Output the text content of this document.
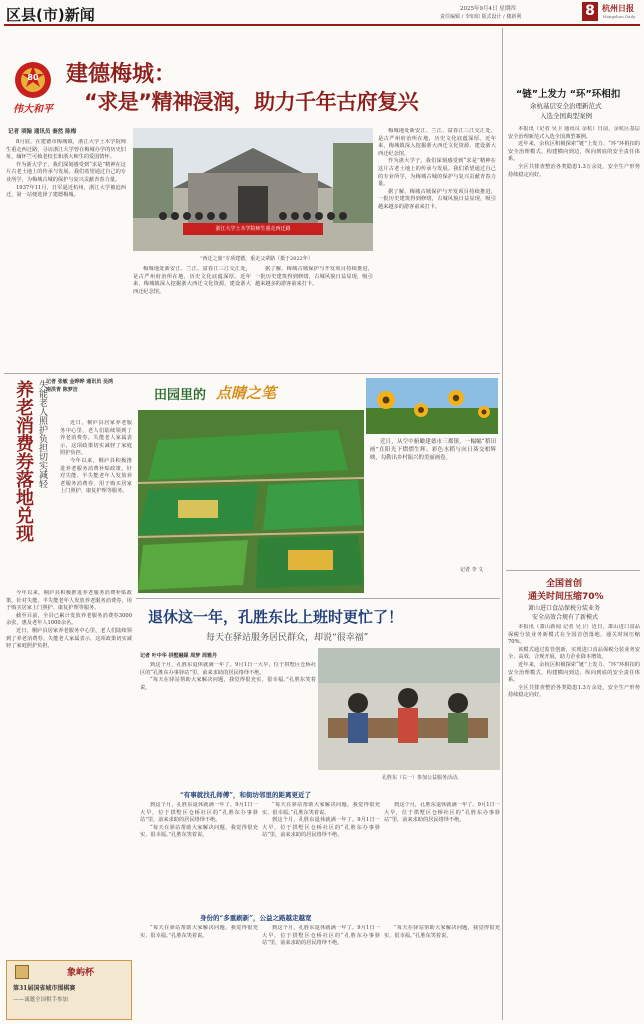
区县(市)新闻	2025年9月4日 星期四
责任编辑 / 李如如 版式设计 / 楼新利	8 杭州日报
Hangzhou Daily
80
伟大和平
建德梅城：
“求是”精神浸润，助力千年古府复兴
记者 项翰 通讯员 秦然 陈梅

8月底，在建德市梅城镇，浙江大学土木学院师生重走西迁路，寻访浙江大学曾在梅城办学的历史旧址，缅怀竺可桢老校长和浙大师生的爱国情怀。

作为浙大学子，我们深刻感受到“求是”精神在这片古老土地上的传承与发展。我们希望通过自己的专业所学，为梅城古城的保护与复兴贡献青春力量。

1937年11月，日军逼近杭州，浙江大学被迫西迁，第一站便选择了建德梅城。

浙江大学土木学院师生重走西迁路
“西迁之旅”专项建德，重走父辈路（摄于2022年）

梅城地处新安江、兰江、富春江三江交汇处，是古严州府治所在地，历史文化底蕴深厚。近年来，梅城镇深入挖掘浙大西迁文化资源，建设浙大西迁纪念馆。

据了解，梅城古城保护与开发项目持续推进，一批历史建筑得到修缮，古城风貌日益显现，吸引越来越多的游客前来打卡。

梅城地处新安江、兰江、富春江三江交汇处，是古严州府治所在地，历史文化底蕴深厚。近年来，梅城镇深入挖掘浙大西迁文化资源，建设浙大西迁纪念馆。

作为浙大学子，我们深刻感受到“求是”精神在这片古老土地上的传承与发展。我们希望通过自己的专业所学，为梅城古城的保护与复兴贡献青春力量。

据了解，梅城古城保护与开发项目持续推进，一批历史建筑得到修缮，古城风貌日益显现，吸引越来越多的游客前来打卡。

记者 张敏 金晔晔 通讯员 吴鸿 南洪青 陈梦洁
失能老人照护负担切实减轻
养老消费券落地兑现	近日，桐庐县居家养老服务中心里，老人们陆续领到了养老消费券。失能老人家属表示，这项政策切实减轻了家庭照护负担。

今年以来，桐庐县积极推进养老服务消费补贴政策，针对失能、半失能老年人发放养老服务消费券，用于购买居家上门照护、康复护理等服务。

今年以来，桐庐县积极推进养老服务消费补贴政策，针对失能、半失能老年人发放养老服务消费券，用于购买居家上门照护、康复护理等服务。

截至目前，全县已累计发放养老服务消费券3000余张，惠及老年人1000余名。

近日，桐庐县居家养老服务中心里，老人们陆续领到了养老消费券。失能老人家属表示，这项政策切实减轻了家庭照护负担。

田园里的 点睛之笔

近日，从空中俯瞰建德市三都镇，一幅幅“稻田画”在阳光下熠熠生辉。彩色水稻与向日葵交相辉映，勾勒出乡村振兴的美丽画卷。

记者 李 文
退休这一年，孔胜东比上班时更忙了！
每天在驿站服务居民群众，却说“很幸福”
记者 叶中华 拱墅融媒 周梦 周雅丹

到这个月，孔胜东退休就满一年了。9月1日一大早，位于拱墅区仓桥社区的“孔胜东办事驿站”里，前来求助的居民络绎不绝。

“每天在驿站帮助大家解决问题，我觉得很充实、很幸福。”孔胜东笑着说。

孔胜东（右一）参加公益服务活动。
“有事就找孔师傅”，和街坊邻里的距离更近了

到这个月，孔胜东退休就满一年了。9月1日一大早，位于拱墅区仓桥社区的“孔胜东办事驿站”里，前来求助的居民络绎不绝。

“每天在驿站帮助大家解决问题，我觉得很充实、很幸福。”孔胜东笑着说。

“每天在驿站帮助大家解决问题，我觉得很充实、很幸福。”孔胜东笑着说。

到这个月，孔胜东退休就满一年了。9月1日一大早，位于拱墅区仓桥社区的“孔胜东办事驿站”里，前来求助的居民络绎不绝。

到这个月，孔胜东退休就满一年了。9月1日一大早，位于拱墅区仓桥社区的“孔胜东办事驿站”里，前来求助的居民络绎不绝。

身份的“多重刷新”，公益之路越走越宽

“每天在驿站帮助大家解决问题，我觉得很充实、很幸福。”孔胜东笑着说。

到这个月，孔胜东退休就满一年了。9月1日一大早，位于拱墅区仓桥社区的“孔胜东办事驿站”里，前来求助的居民络绎不绝。

“每天在驿站帮助大家解决问题，我觉得很充实、很幸福。”孔胜东笑着说。

象屿杯
第31届国省城市围棋赛
——诚邀全国棋手参加
“链”上发力 “环”环相扣
余杭基层安全治理新范式
入选全国典型案例

本报讯（记者 吴卫 通讯员 余杭）日前，余杭区基层安全治理新范式入选全国典型案例。

近年来，余杭区积极探索“链”上发力、“环”环相扣的安全治理模式，构建横向到边、纵向到底的安全责任体系。

全区共排查整治各类隐患1.3万余处，安全生产形势持续稳定向好。

全国首创
通关时间压缩70%
萧山进口食品保税分装业务
安全高效合规有了新模式

本报讯（萧山新闻 记者 吴卫）近日，萧山进口食品保税分装业务新模式在全国首创落地，通关时间压缩70%。

该模式通过监管创新，实现进口食品保税分装业务安全、高效、合规开展，助力企业降本增效。

近年来，余杭区积极探索“链”上发力、“环”环相扣的安全治理模式，构建横向到边、纵向到底的安全责任体系。

全区共排查整治各类隐患1.3万余处，安全生产形势持续稳定向好。
